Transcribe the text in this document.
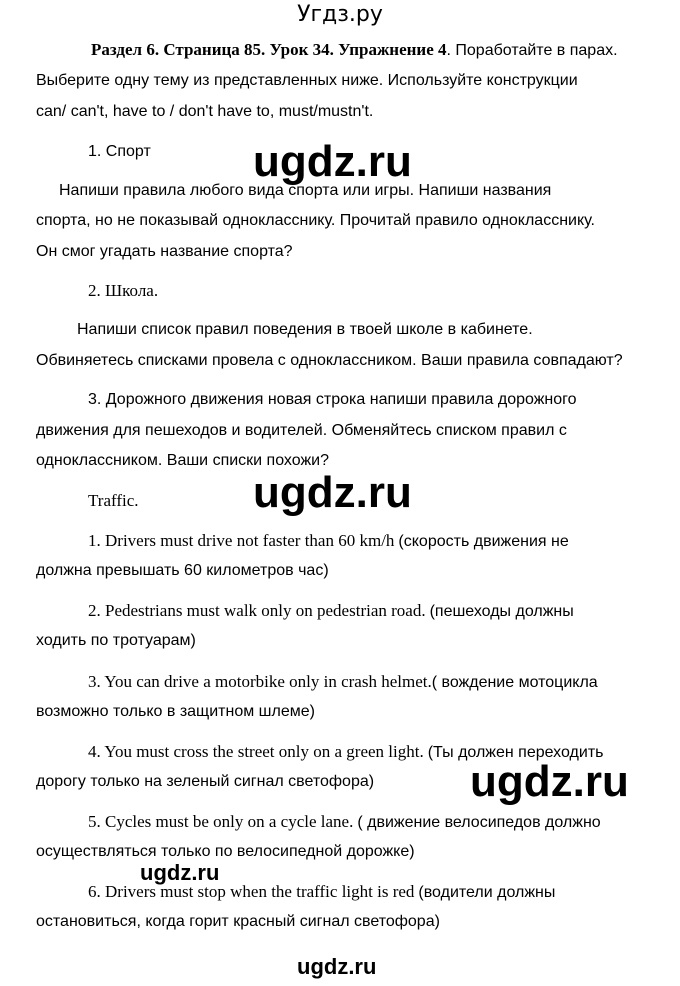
Угдз.ру
Раздел 6. Страница 85. Урок 34. Упражнение 4. Поработайте в парах.
Выберите одну тему из представленных ниже. Используйте конструкции
can/ can't, have to / don't have to, must/mustn't.
1. Спорт ugdz.ru
Напиши правила любого вида спорта или игры. Напиши названия
спорта, но не показывай однокласснику. Прочитай правило однокласснику.
Он смог угадать название спорта?
2. Школа.
Напиши список правил поведения в твоей школе в кабинете.
Обвиняетесь списками провела с одноклассником. Ваши правила совпадают?
3. Дорожного движения новая строка напиши правила дорожного
движения для пешеходов и водителей. Обменяйтесь списком правил с
одноклассником. Ваши списки похожи?
ugdz.ru
Traffic.
1. Drivers must drive not faster than 60 km/h (скорость движения не
должна превышать 60 километров час)
2. Pedestrians must walk only on pedestrian road. (пешеходы должны
ходить по тротуарам)
3. You can drive a motorbike only in crash helmet.( вождение мотоцикла
возможно только в защитном шлеме)
4. You must cross the street only on a green light. (Ты должен переходить
дорогу только на зеленый сигнал светофора) ugdz.ru
5. Cycles must be only on a cycle lane. ( движение велосипедов должно
осуществляться только по велосипедной дорожке)
ugdz.ru
6. Drivers must stop when the traffic light is red (водители должны
остановиться, когда горит красный сигнал светофора)
ugdz.ru
